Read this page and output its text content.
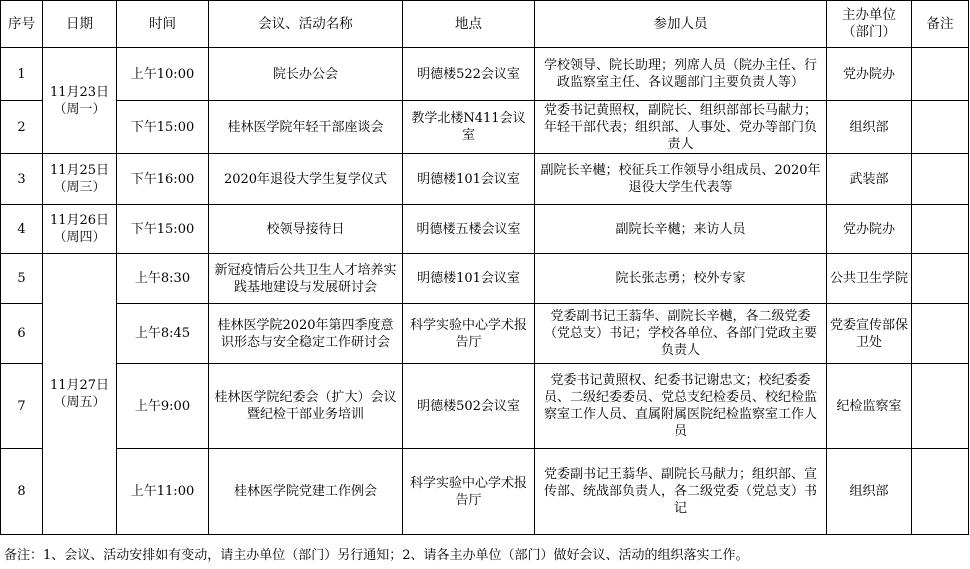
序号	日期	时间	会议、活动名称	地点	参加人员	主办单位（部门）	备注
1	11月23日（周一）	上午10:00	院长办公会	明德楼522会议室	学校领导、院长助理；列席人员（院办主任、行政监察室主任、各议题部门主要负责人等）	党办院办	
2		下午15:00	桂林医学院年轻干部座谈会	教学北楼N411会议室	党委书记黄照权，副院长、组织部部长马献力；年轻干部代表；组织部、人事处、党办等部门负责人	组织部	
3	11月25日（周三）	下午16:00	2020年退役大学生复学仪式	明德楼101会议室	副院长辛樾；校征兵工作领导小组成员、2020年退役大学生代表等	武装部	
4	11月26日（周四）	下午15:00	校领导接待日	明德楼五楼会议室	副院长辛樾；来访人员	党办院办	
5	11月27日（周五）	上午8:30	新冠疫情后公共卫生人才培养实践基地建设与发展研讨会	明德楼101会议室	院长张志勇；校外专家	公共卫生学院	
6		上午8:45	桂林医学院2020年第四季度意识形态与安全稳定工作研讨会	科学实验中心学术报告厅	党委副书记王蓊华、副院长辛樾，各二级党委（党总支）书记；学校各单位、各部门党政主要负责人	党委宣传部保卫处	
7		上午9:00	桂林医学院纪委会（扩大）会议暨纪检干部业务培训	明德楼502会议室	党委书记黄照权、纪委书记谢忠文；校纪委委员、二级纪委委员、党总支纪检委员、校纪检监察室工作人员、直属附属医院纪检监察室工作人员	纪检监察室	
8		上午11:00	桂林医学院党建工作例会	科学实验中心学术报告厅	党委副书记王蓊华、副院长马献力；组织部、宣传部、统战部负责人，各二级党委（党总支）书记	组织部	
备注：1、会议、活动安排如有变动，请主办单位（部门）另行通知；2、请各主办单位（部门）做好会议、活动的组织落实工作。
